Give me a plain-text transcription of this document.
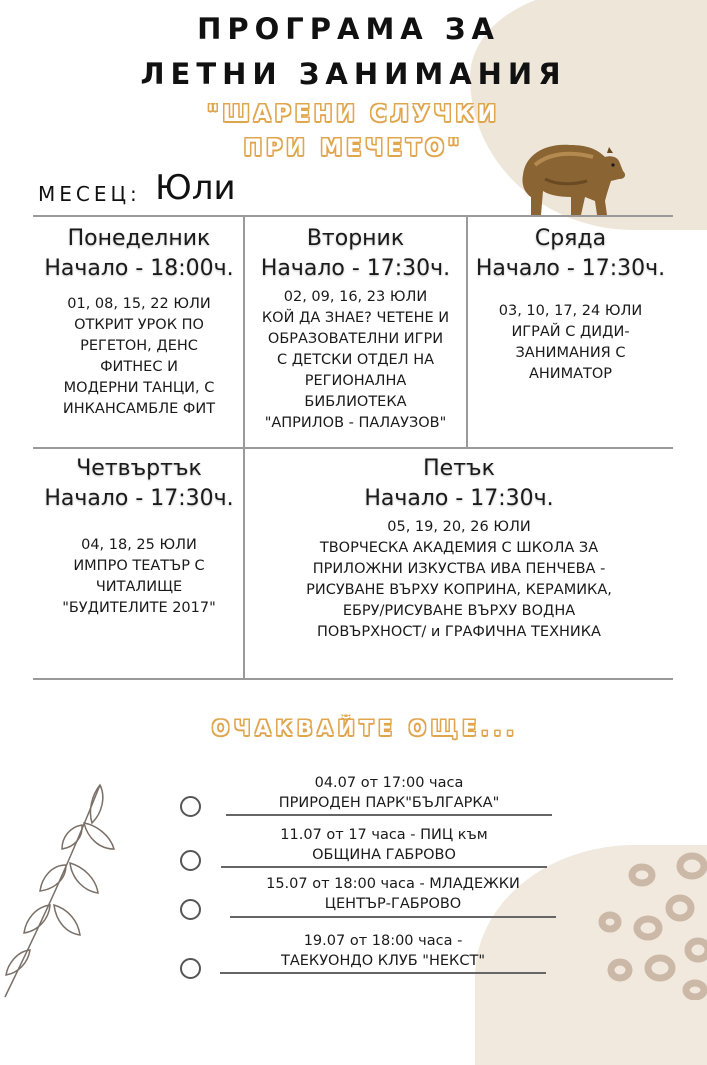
ПРОГРАМА ЗА
ЛЕТНИ ЗАНИМАНИЯ
"ШАРЕНИ СЛУЧКИ
ПРИ МЕЧЕТО"
МЕСЕЦ: Юли
Понеделник
Начало - 18:00ч.
01, 08, 15, 22 ЮЛИ
ОТКРИТ УРОК ПО
РЕГЕТОН, ДЕНС
ФИТНЕС И
МОДЕРНИ ТАНЦИ, С
ИНКАНСАМБЛЕ ФИТ
Вторник
Начало - 17:30ч.
02, 09, 16, 23 ЮЛИ
КОЙ ДА ЗНАЕ? ЧЕТЕНЕ И
ОБРАЗОВАТЕЛНИ ИГРИ
С ДЕТСКИ ОТДЕЛ НА
РЕГИОНАЛНА
БИБЛИОТЕКА
"АПРИЛОВ - ПАЛАУЗОВ"
Сряда
Начало - 17:30ч.
03, 10, 17, 24 ЮЛИ
ИГРАЙ С ДИДИ-
ЗАНИМАНИЯ С
АНИМАТОР
Четвъртък
Начало - 17:30ч.
04, 18, 25 ЮЛИ
ИМПРО ТЕАТЪР С
ЧИТАЛИЩЕ
"БУДИТЕЛИТЕ 2017"
Петък
Начало - 17:30ч.
05, 19, 20, 26 ЮЛИ
ТВОРЧЕСКА АКАДЕМИЯ С ШКОЛА ЗА
ПРИЛОЖНИ ИЗКУСТВА ИВА ПЕНЧЕВА -
РИСУВАНЕ ВЪРХУ КОПРИНА, КЕРАМИКА,
ЕБРУ/РИСУВАНЕ ВЪРХУ ВОДНА
ПОВЪРХНОСТ/ и ГРАФИЧНА ТЕХНИКА
ОЧАКВАЙТЕ ОЩЕ...
04.07 от 17:00 часа
ПРИРОДЕН ПАРК"БЪЛГАРКА"
11.07 от 17 часа - ПИЦ към
ОБЩИНА ГАБРОВО
15.07 от 18:00 часа - МЛАДЕЖКИ
ЦЕНТЪР-ГАБРОВО
19.07 от 18:00 часа -
ТАЕКУОНДО КЛУБ "НЕКСТ"
